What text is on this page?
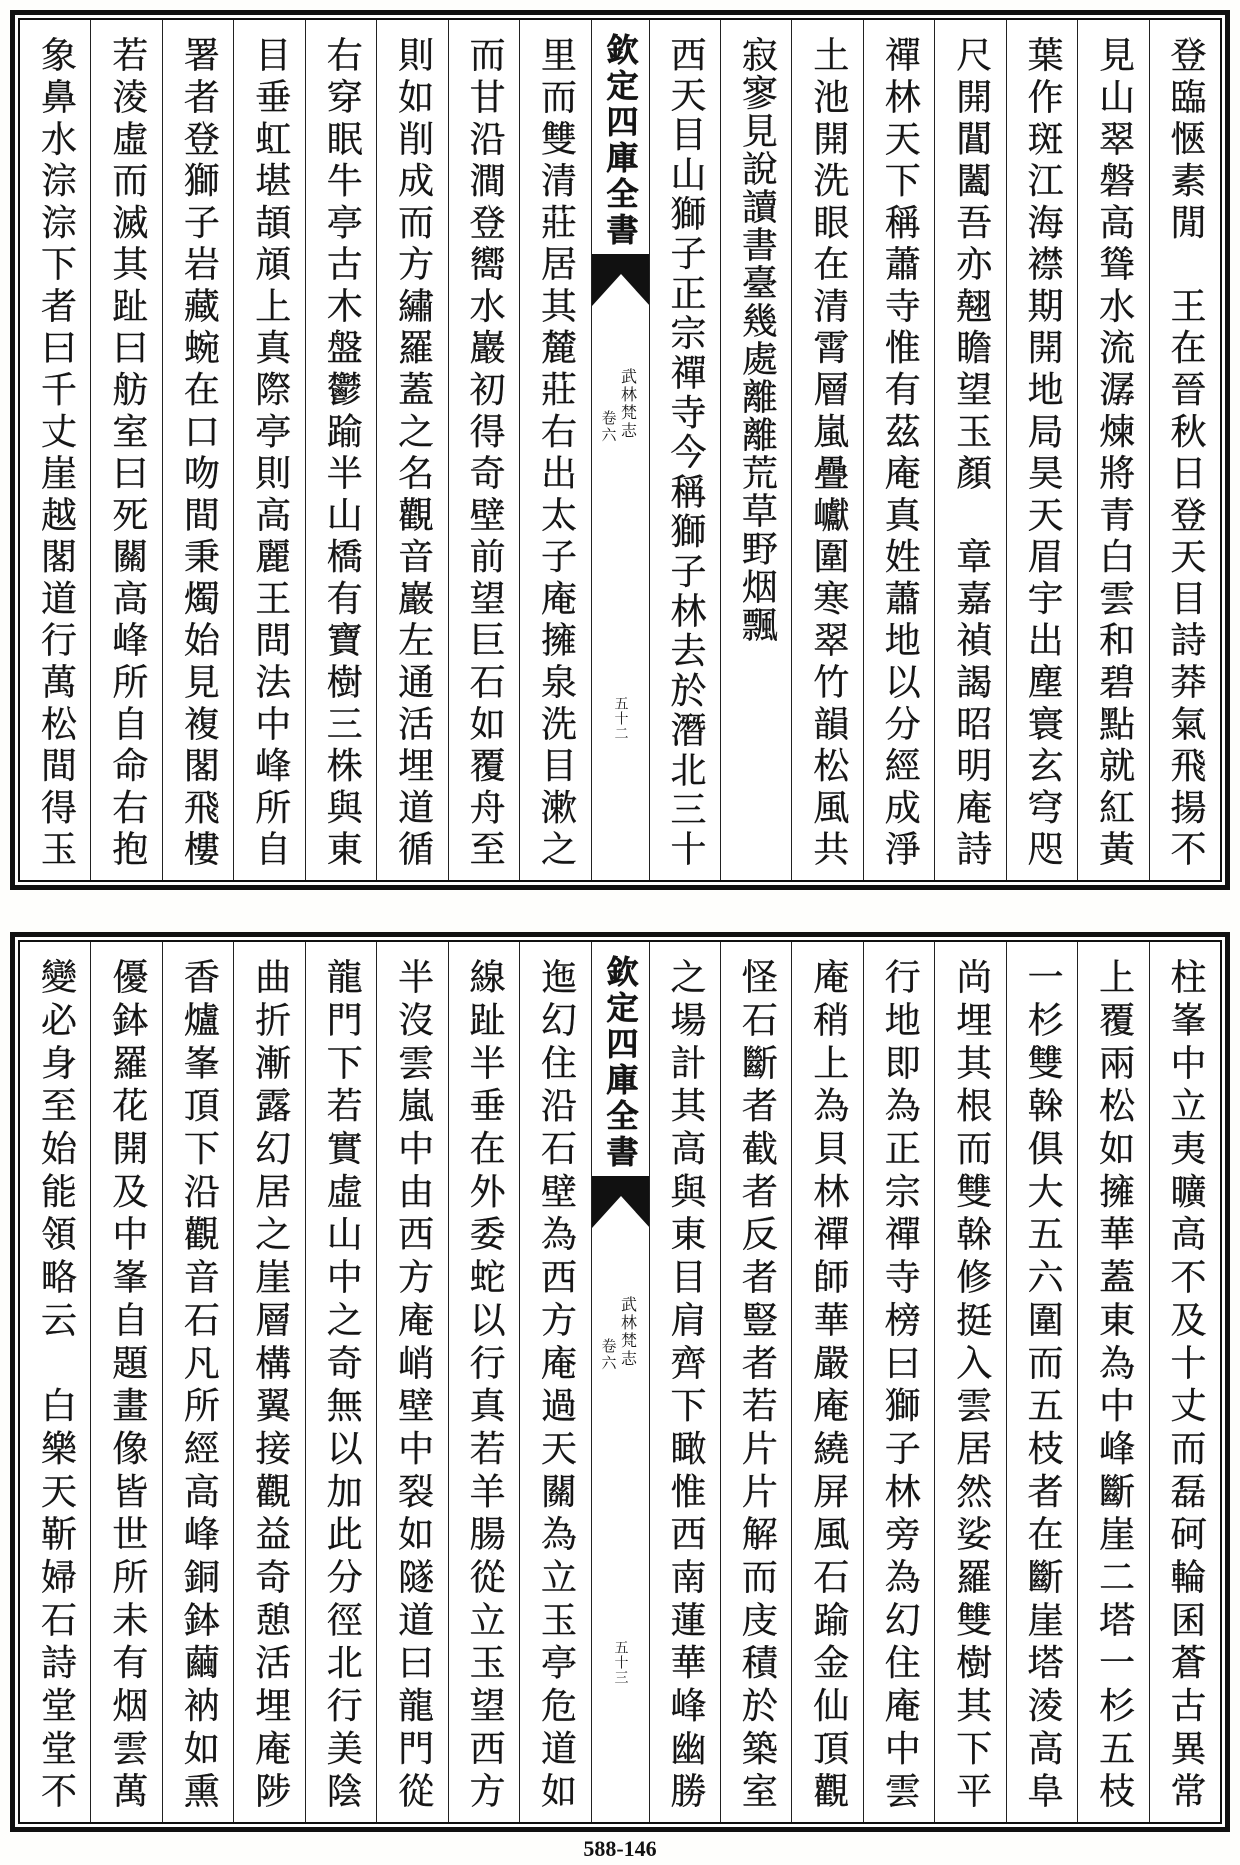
登臨愜素閒　王在晉秋日登天目詩莽氣飛揚不
見山翠磐高聳水流潺煉將青白雲和碧點就紅黃
葉作斑江海襟期開地局昊天眉宇出塵寰玄穹咫
尺開閶闔吾亦翹瞻望玉顏　章嘉禎謁昭明庵詩
禪林天下稱蕭寺惟有茲庵真姓蕭地以分經成淨
土池開洗眼在清霄層嵐疊巘圍寒翠竹韻松風共
寂寥見說讀書臺幾處離離荒草野烟飄
西天目山獅子正宗禪寺今稱獅子林去於潛北三十
欽定四庫全書
武林梵志
卷六
五十二
里而雙清莊居其麓莊右出太子庵擁泉洗目漱之
而甘沿澗登嚮水巖初得奇壁前望巨石如覆舟至
則如削成而方繡羅蓋之名觀音巖左通活埋道循
右穿眠牛亭古木盤鬱踰半山橋有寶樹三株與東
目垂虹堪頡頏上真際亭則高麗王問法中峰所自
署者登獅子岩藏蜿在口吻間秉燭始見複閣飛樓
若淩虛而滅其趾曰舫室曰死關高峰所自命右抱
象鼻水淙淙下者曰千丈崖越閣道行萬松間得玉
柱峯中立夷曠高不及十丈而磊砢輪囷蒼古異常
上覆兩松如擁華蓋東為中峰斷崖二塔一杉五枝
一杉雙榦俱大五六圍而五枝者在斷崖塔淩高阜
尚埋其根而雙榦修挺入雲居然娑羅雙樹其下平
行地即為正宗禪寺榜曰獅子林旁為幻住庵中雲
庵稍上為貝林禪師華嚴庵繞屏風石踰金仙頂觀
怪石斷者截者反者豎者若片片解而庋積於築室
之場計其高與東目肩齊下瞰惟西南蓮華峰幽勝
欽定四庫全書
武林梵志
卷六
五十三
迤幻住沿石壁為西方庵過天關為立玉亭危道如
線趾半垂在外委蛇以行真若羊腸從立玉望西方
半沒雲嵐中由西方庵峭壁中裂如隧道曰龍門從
龍門下若實虛山中之奇無以加此分徑北行美陰
曲折漸露幻居之崖層構翼接觀益奇憩活埋庵陟
香爐峯頂下沿觀音石凡所經高峰銅鉢繭衲如熏
優鉢羅花開及中峯自題畫像皆世所未有烟雲萬
變必身至始能領略云　白樂天靳婦石詩堂堂不
588-146
